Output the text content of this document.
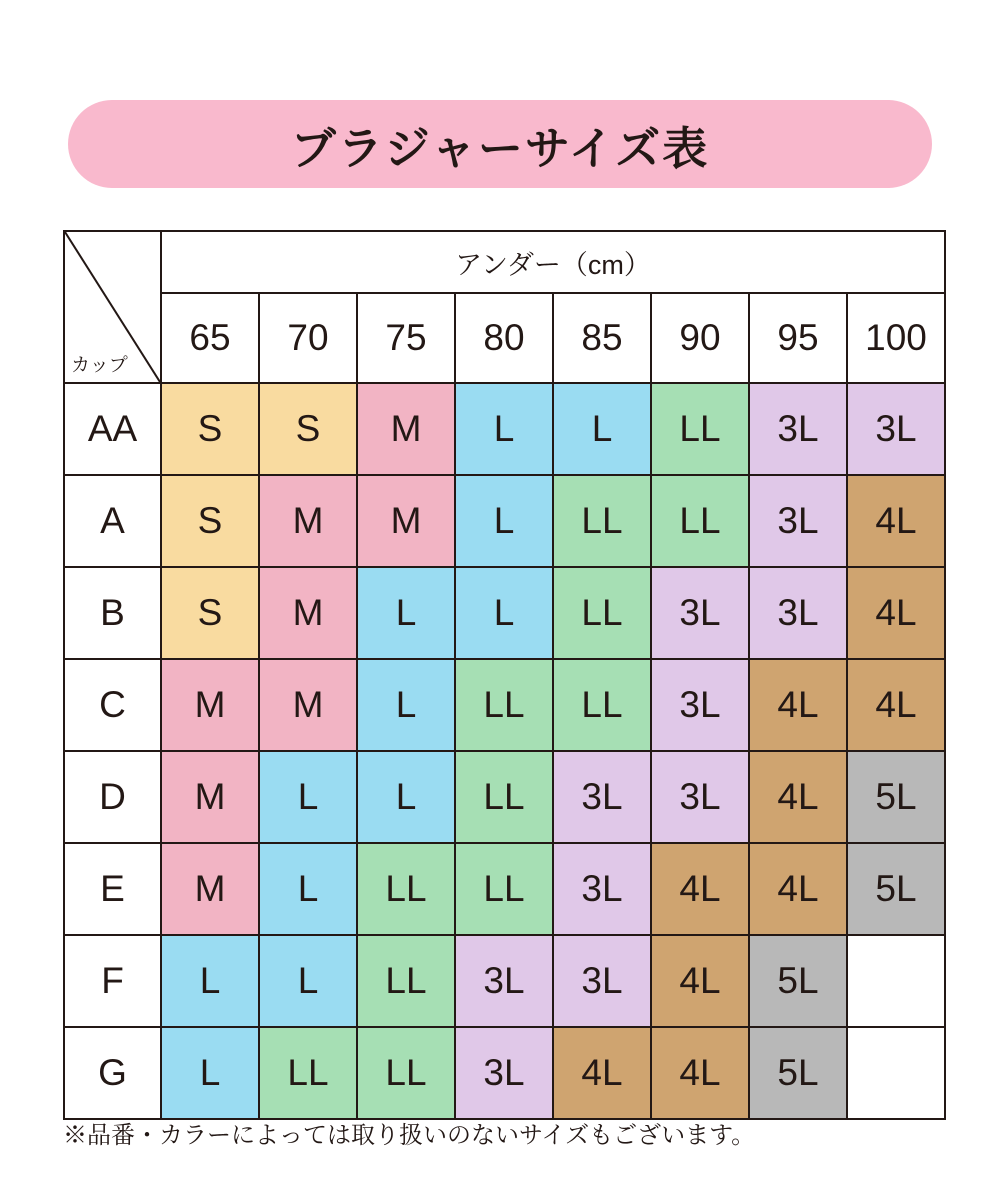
ブラジャーサイズ表
カップ	アンダー（cm）							
	65	70	75	80	85	90	95	100
AA	S	S	M	L	L	LL	3L	3L
A	S	M	M	L	LL	LL	3L	4L
B	S	M	L	L	LL	3L	3L	4L
C	M	M	L	LL	LL	3L	4L	4L
D	M	L	L	LL	3L	3L	4L	5L
E	M	L	LL	LL	3L	4L	4L	5L
F	L	L	LL	3L	3L	4L	5L	
G	L	LL	LL	3L	4L	4L	5L	
※品番・カラーによっては取り扱いのないサイズもございます。
